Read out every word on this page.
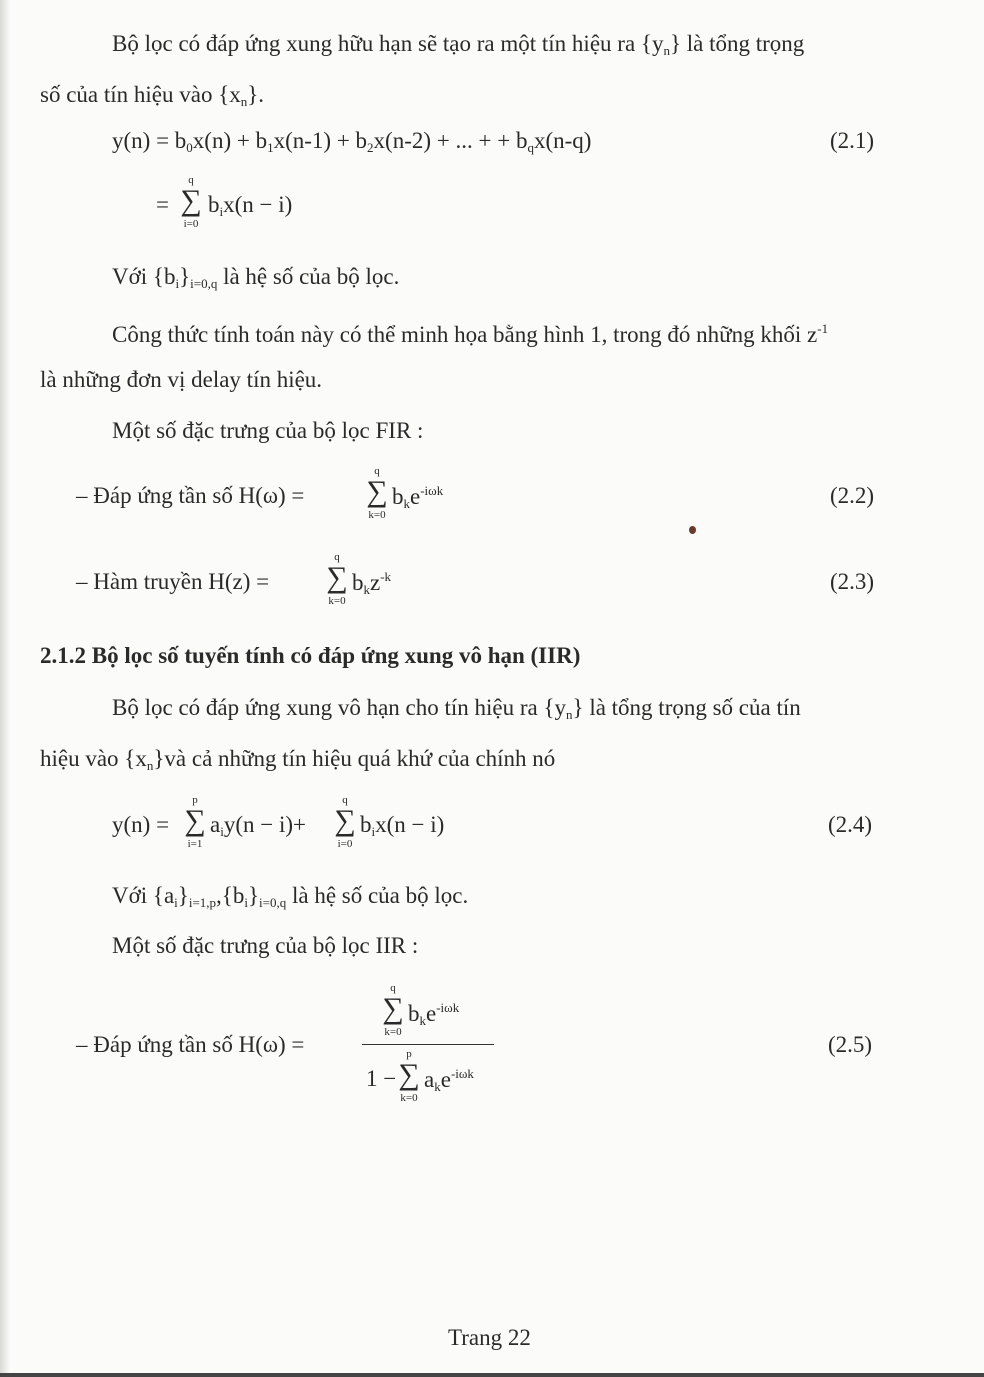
Bộ lọc có đáp ứng xung hữu hạn sẽ tạo ra một tín hiệu ra $\{y_n\}$ là tổng trọng
số của tín hiệu vào $\{x_n\}$.
$y(n) = b_0x(n) + b_1x(n-1) + b_2x(n-2)$ + ... + + $b_qx(n-q)$	(2.1)
=
q
∑
i=0
$b_ix(n - i)$
Với $\{b_i\}_{i=0,q}$ là hệ số của bộ lọc.
Công thức tính toán này có thể minh họa bằng hình 1, trong đó những khối $z^{-1}$
là những đơn vị delay tín hiệu.
Một số đặc trưng của bộ lọc FIR :
– Đáp ứng tần số H(ω) =
q
∑
k=0
$b_ke^{-i\omega k}$	(2.2)
– Hàm truyền H(z) =
q
∑
k=0
$b_kz^{-k}$	(2.3)
2.1.2 Bộ lọc số tuyến tính có đáp ứng xung vô hạn (IIR)
Bộ lọc có đáp ứng xung vô hạn cho tín hiệu ra $\{y_n\}$ là tổng trọng số của tín
hiệu vào $\{x_n\}và$ cả những tín hiệu quá khứ của chính nó
y(n) =
p
∑
i=1
$a_iy(n - i)+$
q
∑
i=0
$b_ix(n - i)$	(2.4)
Với $\{a_i\}_{i=1,p},\{b_i\}_{i=0,q}$ là hệ số của bộ lọc.
Một số đặc trưng của bộ lọc IIR :
– Đáp ứng tần số H(ω) =
q
∑
k=0
$b_ke^{-i\omega k}$
1 −
p
∑
k=0
$a_ke^{-i\omega k}$
(2.5)
Trang 22
